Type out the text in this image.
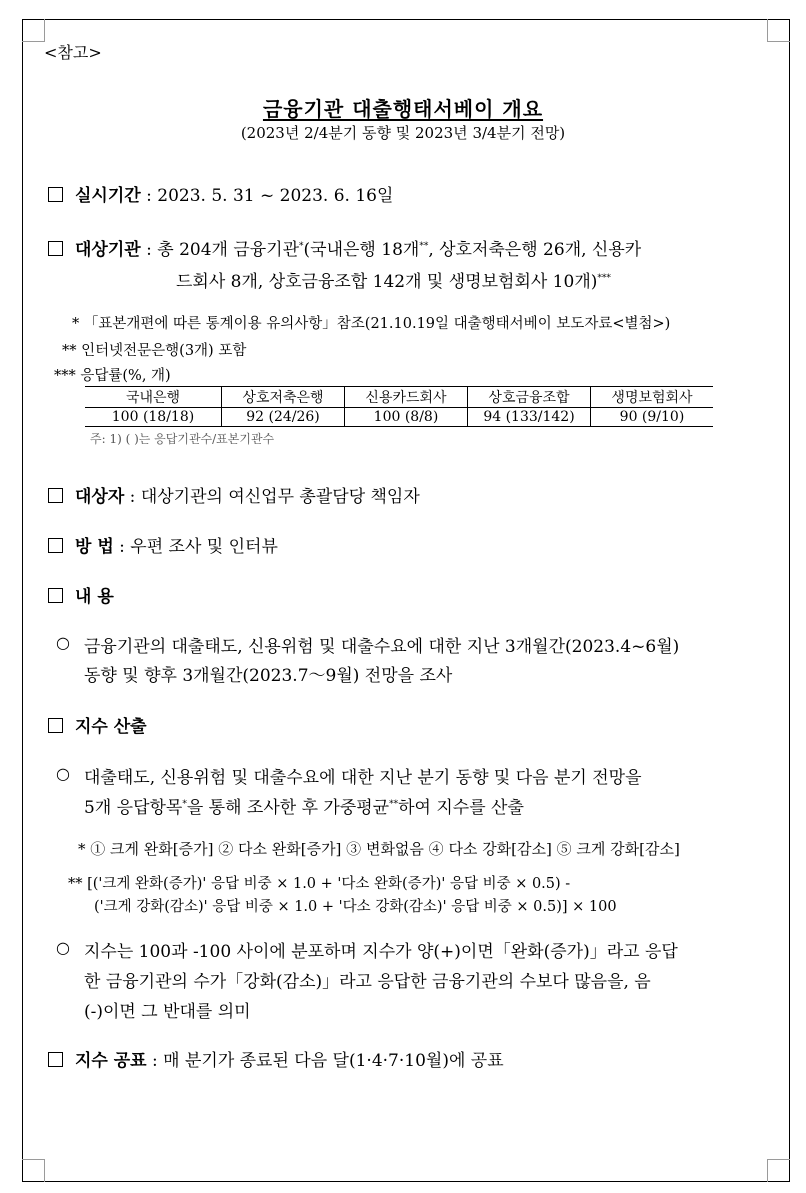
<참고>
금융기관 대출행태서베이 개요
(2023년 2/4분기 동향 및 2023년 3/4분기 전망)
실시기간 : 2023. 5. 31 ~ 2023. 6. 16일
대상기관 : 총 204개 금융기관*(국내은행 18개**, 상호저축은행 26개, 신용카
드회사 8개, 상호금융조합 142개 및 생명보험회사 10개)***
* 「표본개편에 따른 통계이용 유의사항」참조(21.10.19일 대출행태서베이 보도자료<별첨>)
** 인터넷전문은행(3개) 포함
*** 응답률(%, 개)
국내은행	상호저축은행	신용카드회사	상호금융조합	생명보험회사
100 (18/18)	92 (24/26)	100 (8/8)	94 (133/142)	90 (9/10)
주: 1) ( )는 응답기관수/표본기관수
대상자 : 대상기관의 여신업무 총괄담당 책임자
방 법 : 우편 조사 및 인터뷰
내 용
○ 금융기관의 대출태도, 신용위험 및 대출수요에 대한 지난 3개월간(2023.4~6월)
동향 및 향후 3개월간(2023.7～9월) 전망을 조사
지수 산출
○ 대출태도, 신용위험 및 대출수요에 대한 지난 분기 동향 및 다음 분기 전망을
5개 응답항목*을 통해 조사한 후 가중평균**하여 지수를 산출
* ① 크게 완화[증가] ② 다소 완화[증가] ③ 변화없음 ④ 다소 강화[감소] ⑤ 크게 강화[감소]
** [('크게 완화(증가)' 응답 비중 × 1.0 + '다소 완화(증가)' 응답 비중 × 0.5) -
('크게 강화(감소)' 응답 비중 × 1.0 + '다소 강화(감소)' 응답 비중 × 0.5)] × 100
○ 지수는 100과 -100 사이에 분포하며 지수가 양(+)이면「완화(증가)」라고 응답
한 금융기관의 수가「강화(감소)」라고 응답한 금융기관의 수보다 많음을, 음
(-)이면 그 반대를 의미
지수 공표 : 매 분기가 종료된 다음 달(1·4·7·10월)에 공표
